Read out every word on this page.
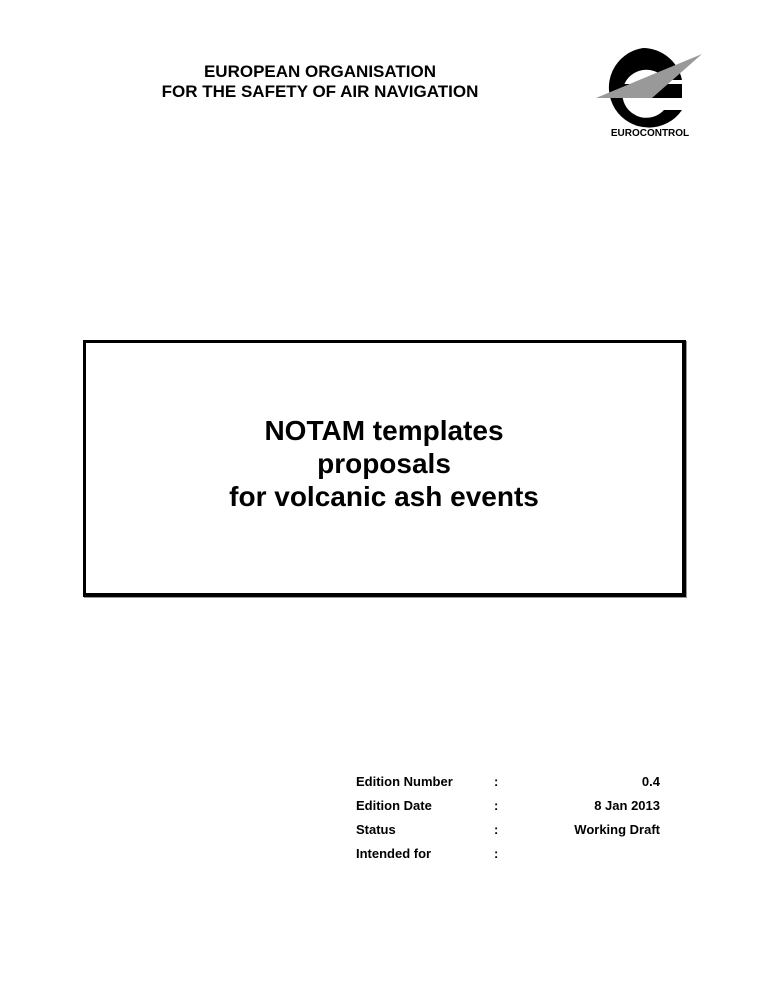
EUROPEAN ORGANISATION
FOR THE SAFETY OF AIR NAVIGATION
EUROCONTROL
NOTAM templates
proposals
for volcanic ash events
Edition Number	:	0.4
Edition Date	:	8 Jan 2013
Status	:	Working Draft
Intended for	:
